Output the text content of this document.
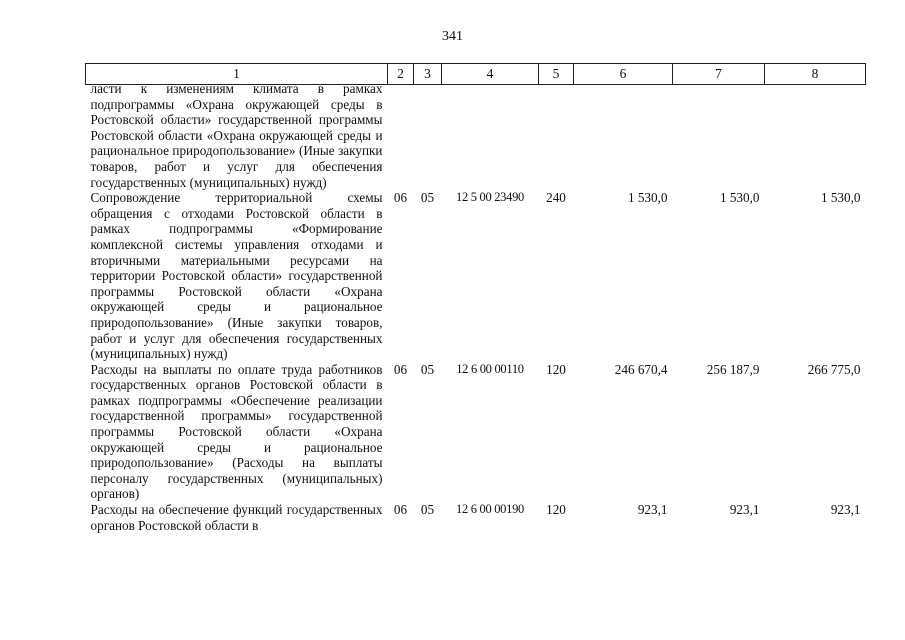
341
1	2	3	4	5	6	7	8

ласти к изменениям климата в рамках подпрограммы «Охрана окружающей среды в Ростовской области» государственной программы Ростовской области «Охрана окружающей среды и рациональное природопользование» (Иные закупки товаров, работ и услуг для обеспечения государственных (муниципальных) нужд)							

Сопровождение территориальной схемы обращения с отходами Ростовской области в рамках подпрограммы «Формирование комплексной системы управления отходами и вторичными материальными ресурсами на территории Ростовской области» государственной программы Ростовской области «Охрана окружающей среды и рациональное природопользование» (Иные закупки товаров, работ и услуг для обеспечения государственных (муниципальных) нужд)	06	05	12 5 00 23490	240	1 530,0	1 530,0	1 530,0
Расходы на выплаты по оплате труда работников государственных органов Ростовской области в рамках подпрограммы «Обеспечение реализации государственной программы» государственной программы Ростовской области «Охрана окружающей среды и рациональное природопользование» (Расходы на выплаты персоналу государственных (муниципальных) органов)	06	05	12 6 00 00110	120	246 670,4	256 187,9	266 775,0
Расходы на обеспечение функций государственных органов Ростовской области в	06	05	12 6 00 00190	120	923,1	923,1	923,1
